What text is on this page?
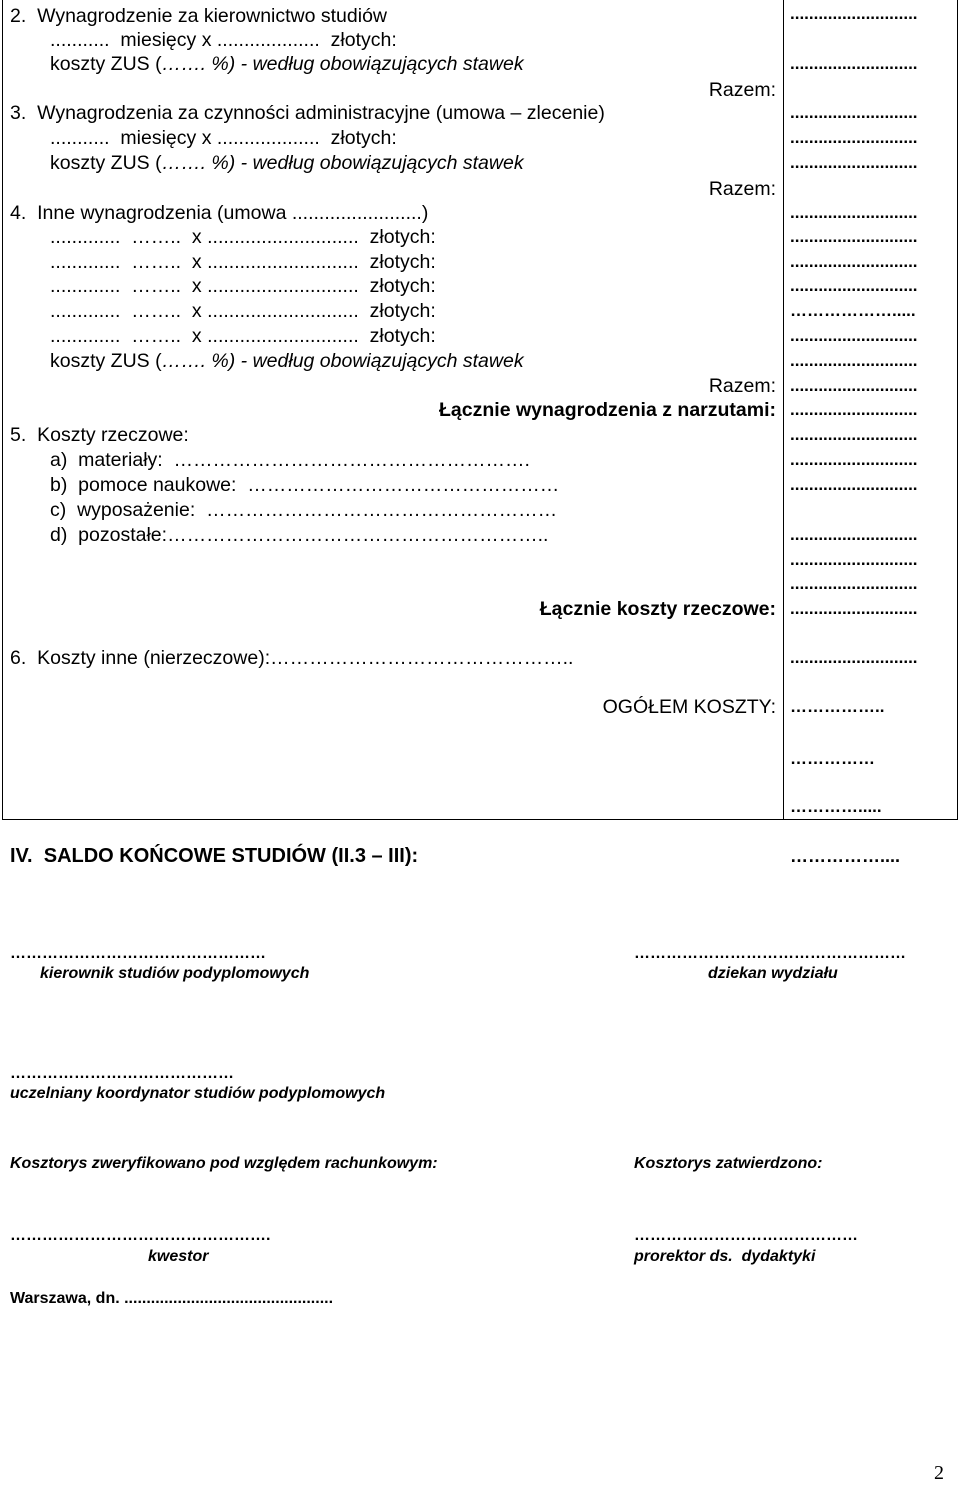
2.  Wynagrodzenie za kierownictwo studiów
...........  miesięcy x ...................  złotych:
koszty ZUS (……. %) - według obowiązujących stawek
Razem:
3.  Wynagrodzenia za czynności administracyjne (umowa – zlecenie)
...........  miesięcy x ...................  złotych:
koszty ZUS (……. %) - według obowiązujących stawek
Razem:
4.  Inne wynagrodzenia (umowa ........................)
.............  ……..  x ............................  złotych:
.............  ……..  x ............................  złotych:
.............  ……..  x ............................  złotych:
.............  ……..  x ............................  złotych:
.............  ……..  x ............................  złotych:
koszty ZUS (……. %) - według obowiązujących stawek
Razem:
Łącznie wynagrodzenia z narzutami:
5.  Koszty rzeczowe:
a)  materiały:  ……………………………………………….
b)  pomoce naukowe:  …………………………………………
c)  wyposażenie:  ………………………………………………
d)  pozostałe:…………………………………………………..
Łącznie koszty rzeczowe:
6.  Koszty inne (nierzeczowe):………………………………………..
OGÓŁEM KOSZTY:
...........................
...........................
...........................
...........................
...........................
...........................
...........................
...........................
...........................
……………….....
...........................
...........................
...........................
...........................
...........................
...........................
...........................
...........................
...........................
...........................
...........................
...........................
……………
………….....
……………..
IV.  SALDO KOŃCOWE STUDIÓW (II.3 – III):	……………....
…………………………………………
kierownik studiów podyplomowych
……………………………………………
dziekan wydziału
……………………………………
uczelniany koordynator studiów podyplomowych
Kosztorys zweryfikowano pod względem rachunkowym:	Kosztorys zatwierdzono:
………………………………………….
kwestor
……………………………………
prorektor ds.  dydaktyki
Warszawa, dn. ...............................................
2
